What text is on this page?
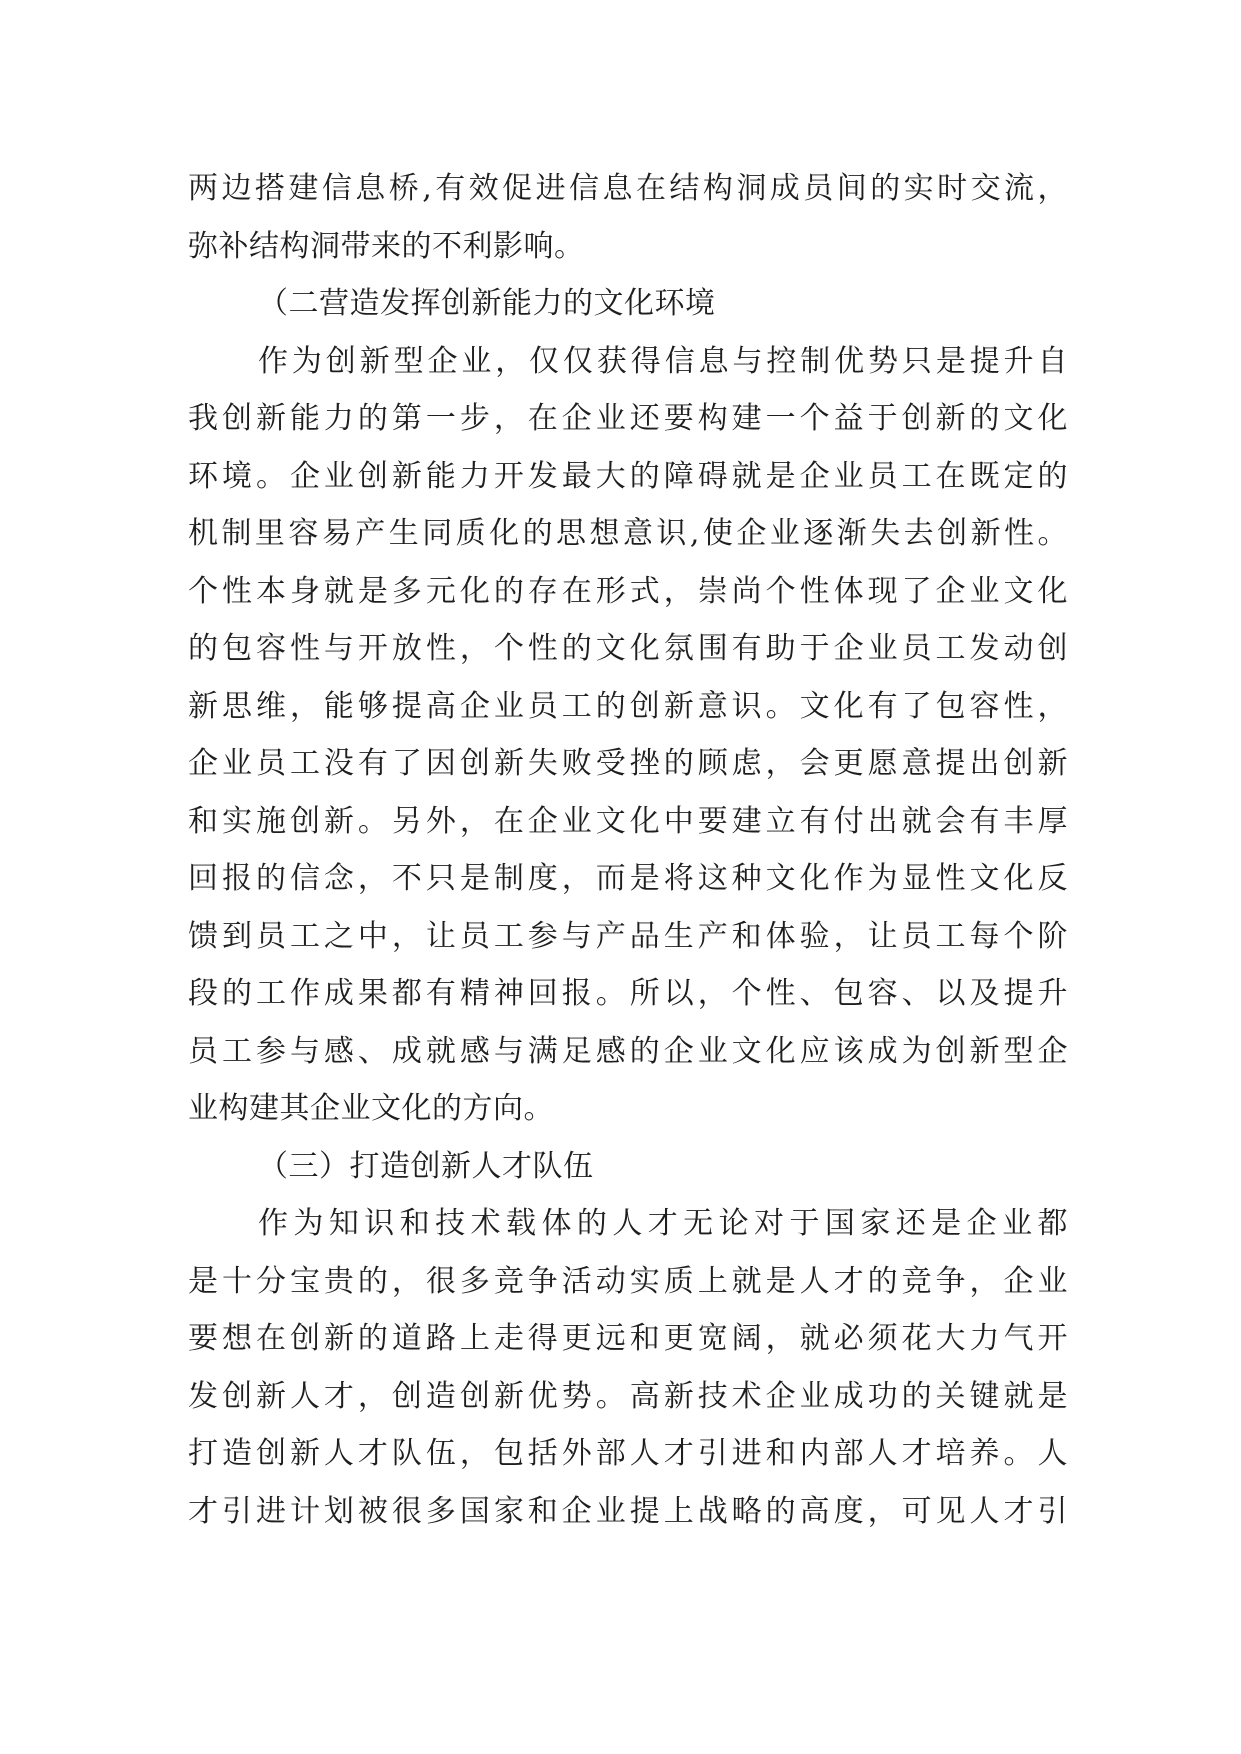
两边搭建信息桥,有效促进信息在结构洞成员间的实时交流，
弥补结构洞带来的不利影响。
（二营造发挥创新能力的文化环境
作为创新型企业，仅仅获得信息与控制优势只是提升自
我创新能力的第一步，在企业还要构建一个益于创新的文化
环境。企业创新能力开发最大的障碍就是企业员工在既定的
机制里容易产生同质化的思想意识,使企业逐渐失去创新性。
个性本身就是多元化的存在形式，崇尚个性体现了企业文化
的包容性与开放性，个性的文化氛围有助于企业员工发动创
新思维，能够提高企业员工的创新意识。文化有了包容性，
企业员工没有了因创新失败受挫的顾虑，会更愿意提出创新
和实施创新。另外，在企业文化中要建立有付出就会有丰厚
回报的信念，不只是制度，而是将这种文化作为显性文化反
馈到员工之中，让员工参与产品生产和体验，让员工每个阶
段的工作成果都有精神回报。所以，个性、包容、以及提升
员工参与感、成就感与满足感的企业文化应该成为创新型企
业构建其企业文化的方向。
（三）打造创新人才队伍
作为知识和技术载体的人才无论对于国家还是企业都
是十分宝贵的，很多竞争活动实质上就是人才的竞争，企业
要想在创新的道路上走得更远和更宽阔，就必须花大力气开
发创新人才，创造创新优势。高新技术企业成功的关键就是
打造创新人才队伍，包括外部人才引进和内部人才培养。人
才引进计划被很多国家和企业提上战略的高度，可见人才引
